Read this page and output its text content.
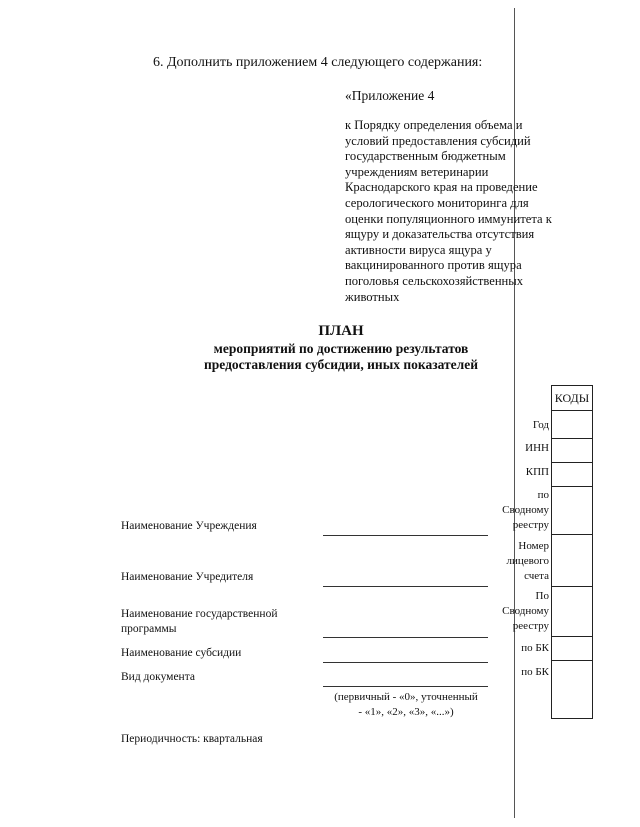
6. Дополнить приложением 4 следующего содержания:
«Приложение 4
к Порядку определения объема и
условий предоставления субсидий
государственным бюджетным
учреждениям ветеринарии
Краснодарского края на проведение
серологического мониторинга для
оценки популяционного иммунитета к
ящуру и доказательства отсутствия
активности вируса ящура у
вакцинированного против ящура
поголовья сельскохозяйственных
животных
ПЛАН
мероприятий по достижению результатов
предоставления субсидии, иных показателей
КОДЫ
Год
ИНН
КПП
по
Сводному
реестру
Номер
лицевого
счета
По
Сводному
реестру
по БК
по БК
Наименование Учреждения
Наименование Учредителя
Наименование государственной
программы
Наименование субсидии
Вид документа
(первичный - «0», уточненный
- «1», «2», «3», «...»)
Периодичность: квартальная
